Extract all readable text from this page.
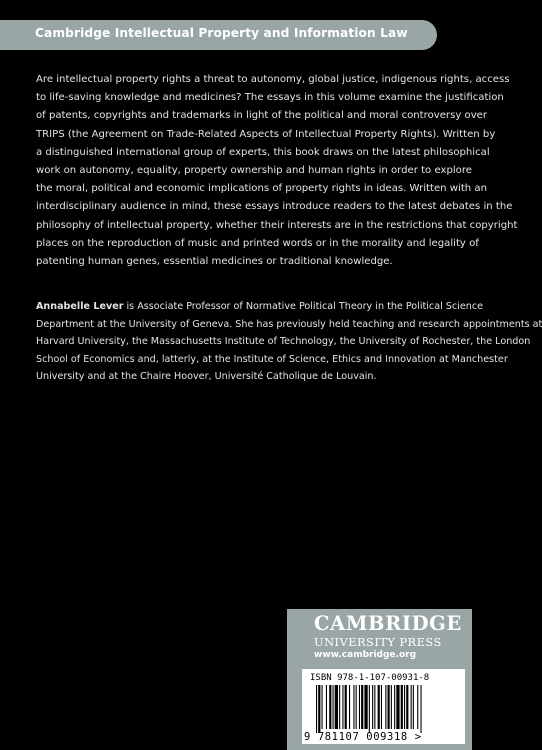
Cambridge Intellectual Property and Information Law

Are intellectual property rights a threat to autonomy, global justice, indigenous rights, access
to life-saving knowledge and medicines? The essays in this volume examine the justification
of patents, copyrights and trademarks in light of the political and moral controversy over
TRIPS (the Agreement on Trade-Related Aspects of Intellectual Property Rights). Written by
a distinguished international group of experts, this book draws on the latest philosophical
work on autonomy, equality, property ownership and human rights in order to explore
the moral, political and economic implications of property rights in ideas. Written with an
interdisciplinary audience in mind, these essays introduce readers to the latest debates in the
philosophy of intellectual property, whether their interests are in the restrictions that copyright
places on the reproduction of music and printed words or in the morality and legality of
patenting human genes, essential medicines or traditional knowledge.

Annabelle Lever is Associate Professor of Normative Political Theory in the Political Science
Department at the University of Geneva. She has previously held teaching and research appointments at
Harvard University, the Massachusetts Institute of Technology, the University of Rochester, the London
School of Economics and, latterly, at the Institute of Science, Ethics and Innovation at Manchester
University and at the Chaire Hoover, Université Catholique de Louvain.
CAMBRIDGE
UNIVERSITY PRESS
www.cambridge.org
ISBN 978-1-107-00931-8
9 781107 009318 >
